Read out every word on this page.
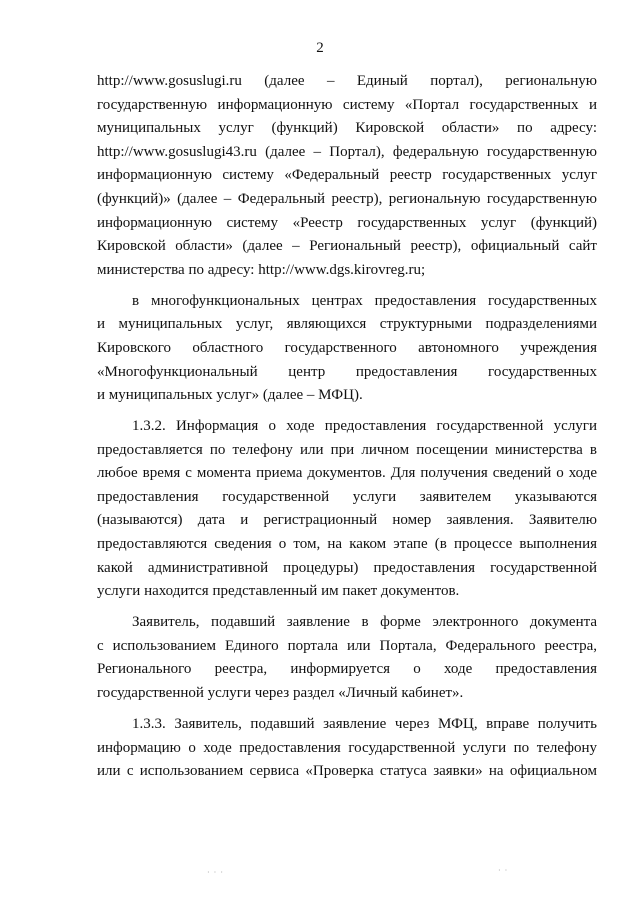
2

http://www.gosuslugi.ru (далее – Единый портал), региональную
государственную информационную систему «Портал государственных и
муниципальных услуг (функций) Кировской области» по адресу:
http://www.gosuslugi43.ru (далее – Портал), федеральную государственную
информационную систему «Федеральный реестр государственных услуг
(функций)» (далее – Федеральный реестр), региональную государственную
информационную систему «Реестр государственных услуг (функций)
Кировской области» (далее – Региональный реестр), официальный сайт
министерства по адресу: http://www.dgs.kirovreg.ru;

в многофункциональных центрах предоставления государственных
и муниципальных услуг, являющихся структурными подразделениями
Кировского областного государственного автономного учреждения
«Многофункциональный центр предоставления государственных
и муниципальных услуг» (далее – МФЦ).

1.3.2. Информация о ходе предоставления государственной услуги
предоставляется по телефону или при личном посещении министерства в
любое время с момента приема документов. Для получения сведений о ходе
предоставления государственной услуги заявителем указываются
(называются) дата и регистрационный номер заявления. Заявителю
предоставляются сведения о том, на каком этапе (в процессе выполнения
какой административной процедуры) предоставления государственной
услуги находится представленный им пакет документов.

Заявитель, подавший заявление в форме электронного документа
с использованием Единого портала или Портала, Федерального реестра,
Регионального реестра, информируется о ходе предоставления
государственной услуги через раздел «Личный кабинет».

1.3.3. Заявитель, подавший заявление через МФЦ, вправе получить
информацию о ходе предоставления государственной услуги по телефону
или с использованием сервиса «Проверка статуса заявки» на официальном

· · ·	· ·
